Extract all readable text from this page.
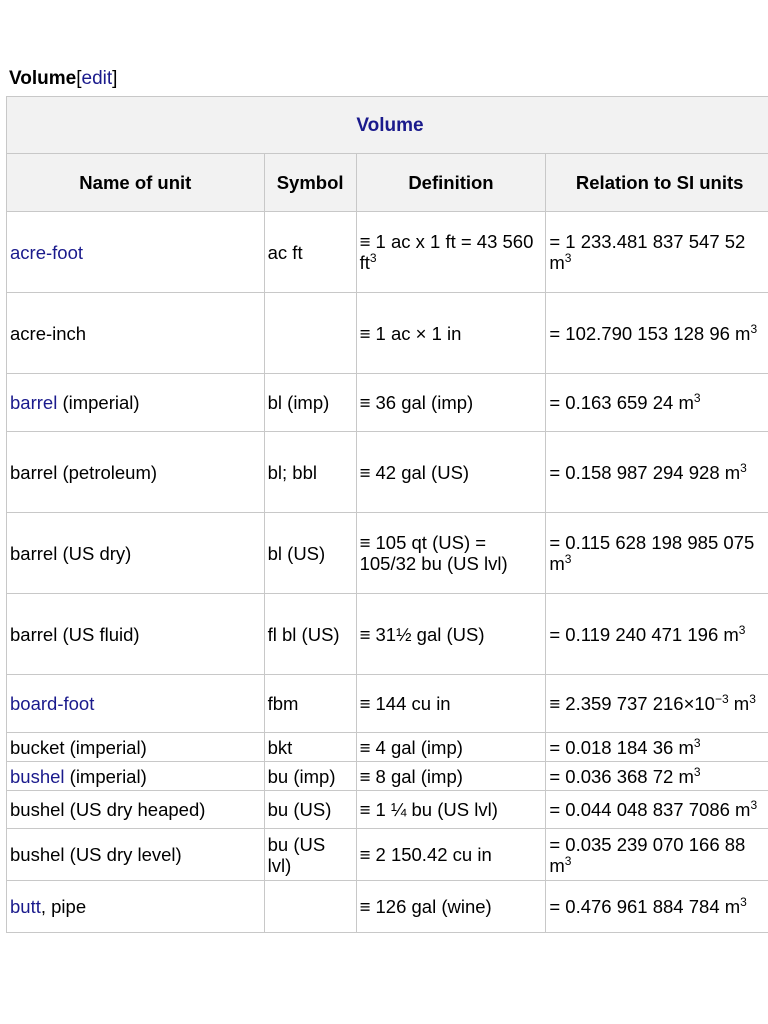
Volume[edit]
Volume			
Name of unit	Symbol	Definition	Relation to SI units
acre-foot	ac ft	≡ 1 ac x 1 ft = 43 560 $ft^3$	= 1 233.481 837 547 52 $m^3$
acre-inch		≡ 1 ac × 1 in	= 102.790 153 128 96 $m^3$
barrel (imperial)	bl (imp)	≡ 36 gal (imp)	= 0.163 659 24 $m^3$
barrel (petroleum)	bl; bbl	≡ 42 gal (US)	= 0.158 987 294 928 $m^3$
barrel (US dry)	bl (US)	≡ 105 qt (US) = 105/32 bu (US lvl)	= 0.115 628 198 985 075 $m^3$
barrel (US fluid)	fl bl (US)	≡ 31½ gal (US)	= 0.119 240 471 196 $m^3$
board-foot	fbm	≡ 144 cu in	≡ 2.359 737 $216\times 10^{-3}$ $m^3$
bucket (imperial)	bkt	≡ 4 gal (imp)	= 0.018 184 36 $m^3$
bushel (imperial)	bu (imp)	≡ 8 gal (imp)	= 0.036 368 72 $m^3$
bushel (US dry heaped)	bu (US)	≡ 1 ¼ bu (US lvl)	= 0.044 048 837 7086 $m^3$
bushel (US dry level)	bu (US lvl)	≡ 2 150.42 cu in	= 0.035 239 070 166 88 $m^3$
butt, pipe		≡ 126 gal (wine)	= 0.476 961 884 784 $m^3$
